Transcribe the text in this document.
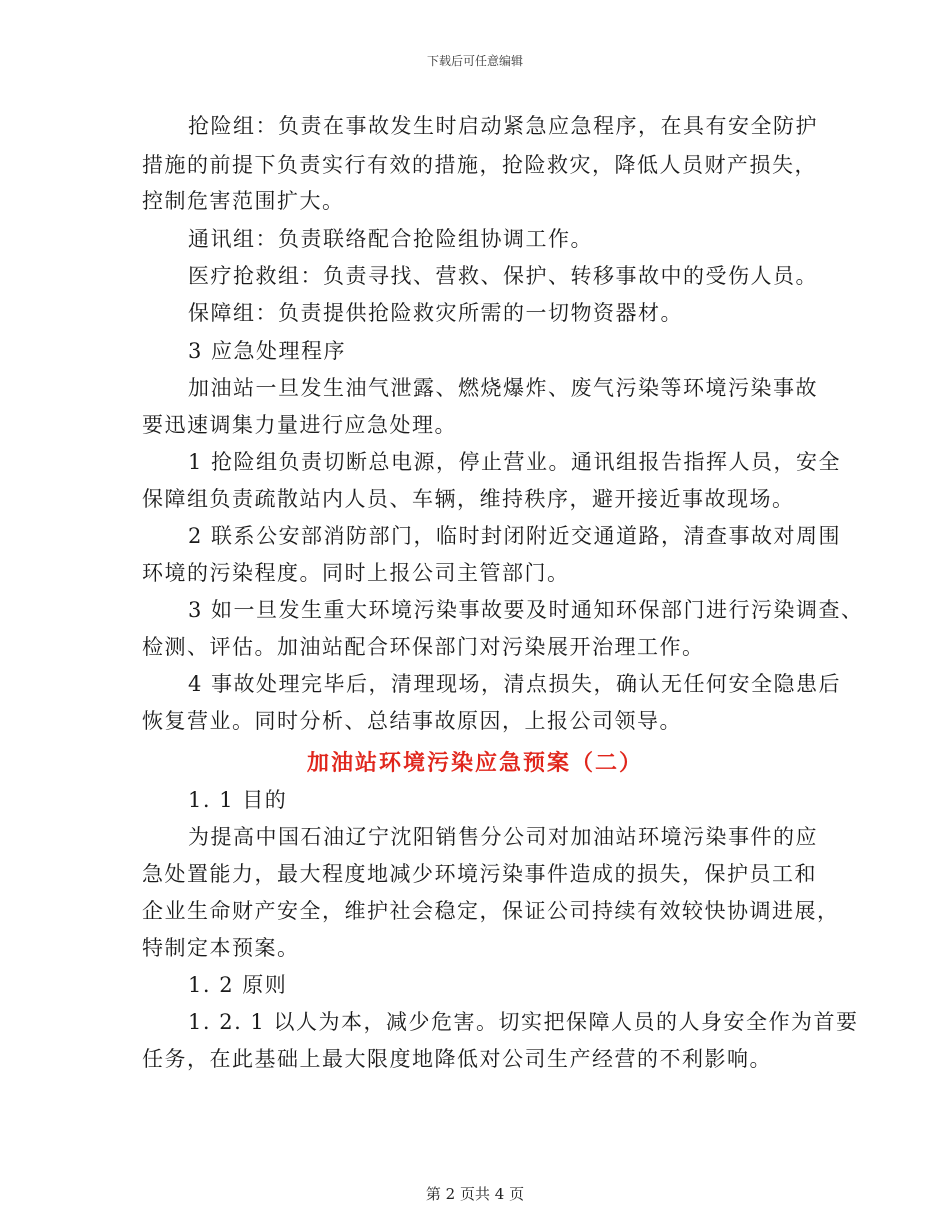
下载后可任意编辑
抢险组：负责在事故发生时启动紧急应急程序，在具有安全防护
措施的前提下负责实行有效的措施，抢险救灾，降低人员财产损失，
控制危害范围扩大。
通讯组：负责联络配合抢险组协调工作。
医疗抢救组：负责寻找、营救、保护、转移事故中的受伤人员。
保障组：负责提供抢险救灾所需的一切物资器材。
3 应急处理程序
加油站一旦发生油气泄露、燃烧爆炸、废气污染等环境污染事故
要迅速调集力量进行应急处理。
1 抢险组负责切断总电源，停止营业。通讯组报告指挥人员，安全
保障组负责疏散站内人员、车辆，维持秩序，避开接近事故现场。
2 联系公安部消防部门，临时封闭附近交通道路，清查事故对周围
环境的污染程度。同时上报公司主管部门。
3 如一旦发生重大环境污染事故要及时通知环保部门进行污染调查、
检测、评估。加油站配合环保部门对污染展开治理工作。
4 事故处理完毕后，清理现场，清点损失，确认无任何安全隐患后
恢复营业。同时分析、总结事故原因，上报公司领导。
加油站环境污染应急预案（二）
1. 1 目的
为提高中国石油辽宁沈阳销售分公司对加油站环境污染事件的应
急处置能力，最大程度地减少环境污染事件造成的损失，保护员工和
企业生命财产安全，维护社会稳定，保证公司持续有效较快协调进展，
特制定本预案。
1. 2 原则
1. 2. 1 以人为本，减少危害。切实把保障人员的人身安全作为首要
任务，在此基础上最大限度地降低对公司生产经营的不利影响。
第 2 页共 4 页
